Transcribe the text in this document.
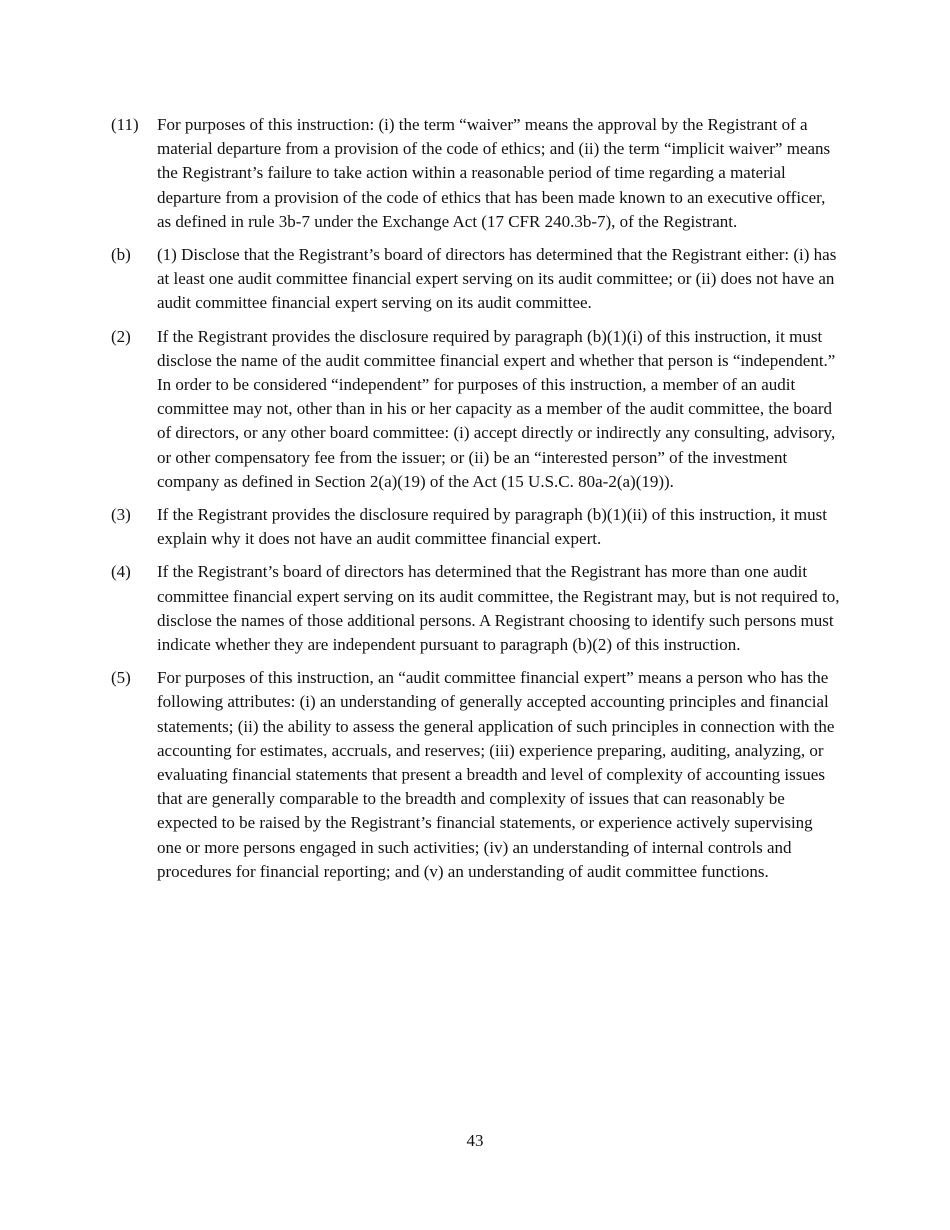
(11)	For purposes of this instruction: (i) the term “waiver” means the approval by the Registrant of a material departure from a provision of the code of ethics; and (ii) the term “implicit waiver” means the Registrant’s failure to take action within a reasonable period of time regarding a material departure from a provision of the code of ethics that has been made known to an executive officer, as defined in rule 3b-7 under the Exchange Act (17 CFR 240.3b-7), of the Registrant.
(b)	(1) Disclose that the Registrant’s board of directors has determined that the Registrant either: (i) has at least one audit committee financial expert serving on its audit committee; or (ii) does not have an audit committee financial expert serving on its audit committee.
(2)	If the Registrant provides the disclosure required by paragraph (b)(1)(i) of this instruction, it must disclose the name of the audit committee financial expert and whether that person is “independent.” In order to be considered “independent” for purposes of this instruction, a member of an audit committee may not, other than in his or her capacity as a member of the audit committee, the board of directors, or any other board committee: (i) accept directly or indirectly any consulting, advisory, or other compensatory fee from the issuer; or (ii) be an “interested person” of the investment company as defined in Section 2(a)(19) of the Act (15 U.S.C. 80a-2(a)(19)).
(3)	If the Registrant provides the disclosure required by paragraph (b)(1)(ii) of this instruction, it must explain why it does not have an audit committee financial expert.
(4)	If the Registrant’s board of directors has determined that the Registrant has more than one audit committee financial expert serving on its audit committee, the Registrant may, but is not required to, disclose the names of those additional persons. A Registrant choosing to identify such persons must indicate whether they are independent pursuant to paragraph (b)(2) of this instruction.
(5)	For purposes of this instruction, an “audit committee financial expert” means a person who has the following attributes: (i) an understanding of generally accepted accounting principles and financial statements; (ii) the ability to assess the general application of such principles in connection with the accounting for estimates, accruals, and reserves; (iii) experience preparing, auditing, analyzing, or evaluating financial statements that present a breadth and level of complexity of accounting issues that are generally comparable to the breadth and complexity of issues that can reasonably be expected to be raised by the Registrant’s financial statements, or experience actively supervising one or more persons engaged in such activities; (iv) an understanding of internal controls and procedures for financial reporting; and (v) an understanding of audit committee functions.
43
